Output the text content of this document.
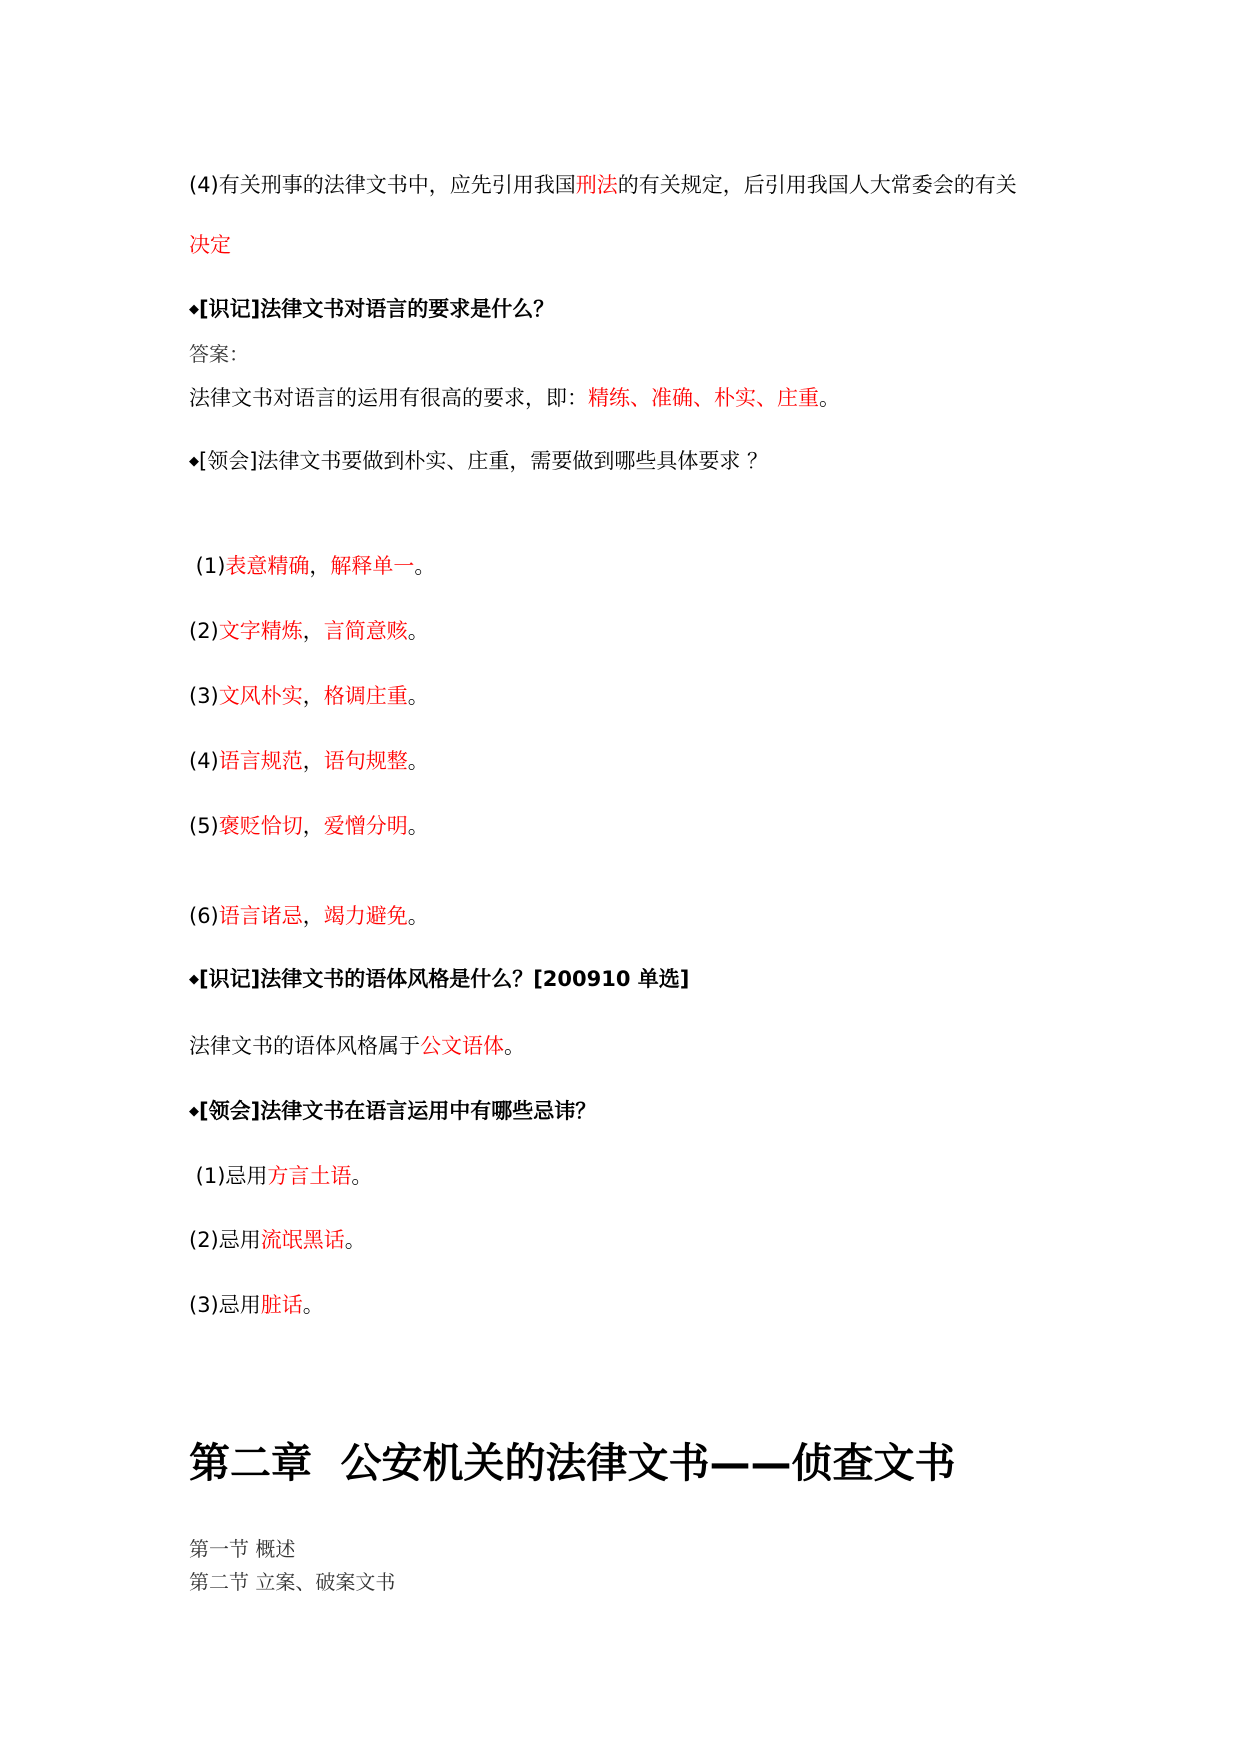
(4)有关刑事的法律文书中，应先引用我国刑法的有关规定，后引用我国人大常委会的有关
决定
◆[识记]法律文书对语言的要求是什么？
答案：
法律文书对语言的运用有很高的要求，即：精练、准确、朴实、庄重。
◆[领会]法律文书要做到朴实、庄重，需要做到哪些具体要求 ？
(1)表意精确，解释单一。
(2)文字精炼，言简意赅。
(3)文风朴实，格调庄重。
(4)语言规范，语句规整。
(5)褒贬恰切，爱憎分明。
(6)语言诸忌，竭力避免。
◆[识记]法律文书的语体风格是什么？[200910 单选]
法律文书的语体风格属于公文语体。
◆[领会]法律文书在语言运用中有哪些忌讳？
(1)忌用方言土语。
(2)忌用流氓黑话。
(3)忌用脏话。
第二章  公安机关的法律文书——侦查文书
第一节 概述
第二节 立案、破案文书
